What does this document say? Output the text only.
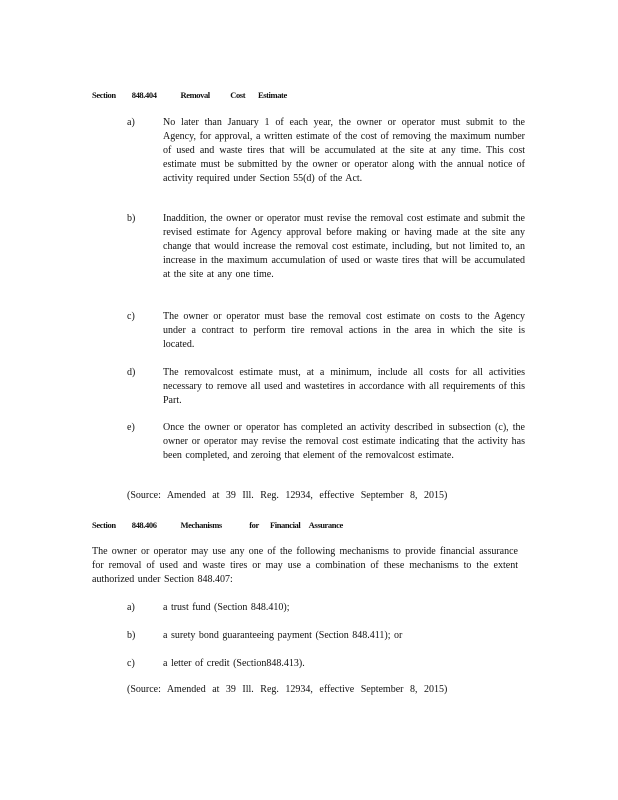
Section 848.404	Removal Cost Estimate
a)	No later than January 1 of each year, the owner or operator must submit to the Agency, for approval, a written estimate of the cost of removing the maximum number of used and waste tires that will be accumulated at the site at any time. This cost estimate must be submitted by the owner or operator along with the annual notice of activity required under Section 55(d) of the Act.
b)	Inaddition, the owner or operator must revise the removal cost estimate and submit the revised estimate for Agency approval before making or having made at the site any change that would increase the removal cost estimate, including, but not limited to, an increase in the maximum accumulation of used or waste tires that will be accumulated at the site at any one time.
c)	The owner or operator must base the removal cost estimate on costs to the Agency under a contract to perform tire removal actions in the area in which the site is located.
d)	The removalcost estimate must, at a minimum, include all costs for all activities necessary to remove all used and wastetires in accordance with all requirements of this Part.
e)	Once the owner or operator has completed an activity described in subsection (c), the owner or operator may revise the removal cost estimate indicating that the activity has been completed, and zeroing that element of the removalcost estimate.
(Source: Amended at 39 Ill. Reg. 12934, effective September 8, 2015)
Section 848.406	Mechanisms	for Financial Assurance
The owner or operator may use any one of the following mechanisms to provide financial assurance for removal of used and waste tires or may use a combination of these mechanisms to the extent authorized under Section 848.407:
a)	a trust fund (Section 848.410);
b)	a surety bond guaranteeing payment (Section 848.411); or
c)	a letter of credit (Section848.413).
(Source: Amended at 39 Ill. Reg. 12934, effective September 8, 2015)
